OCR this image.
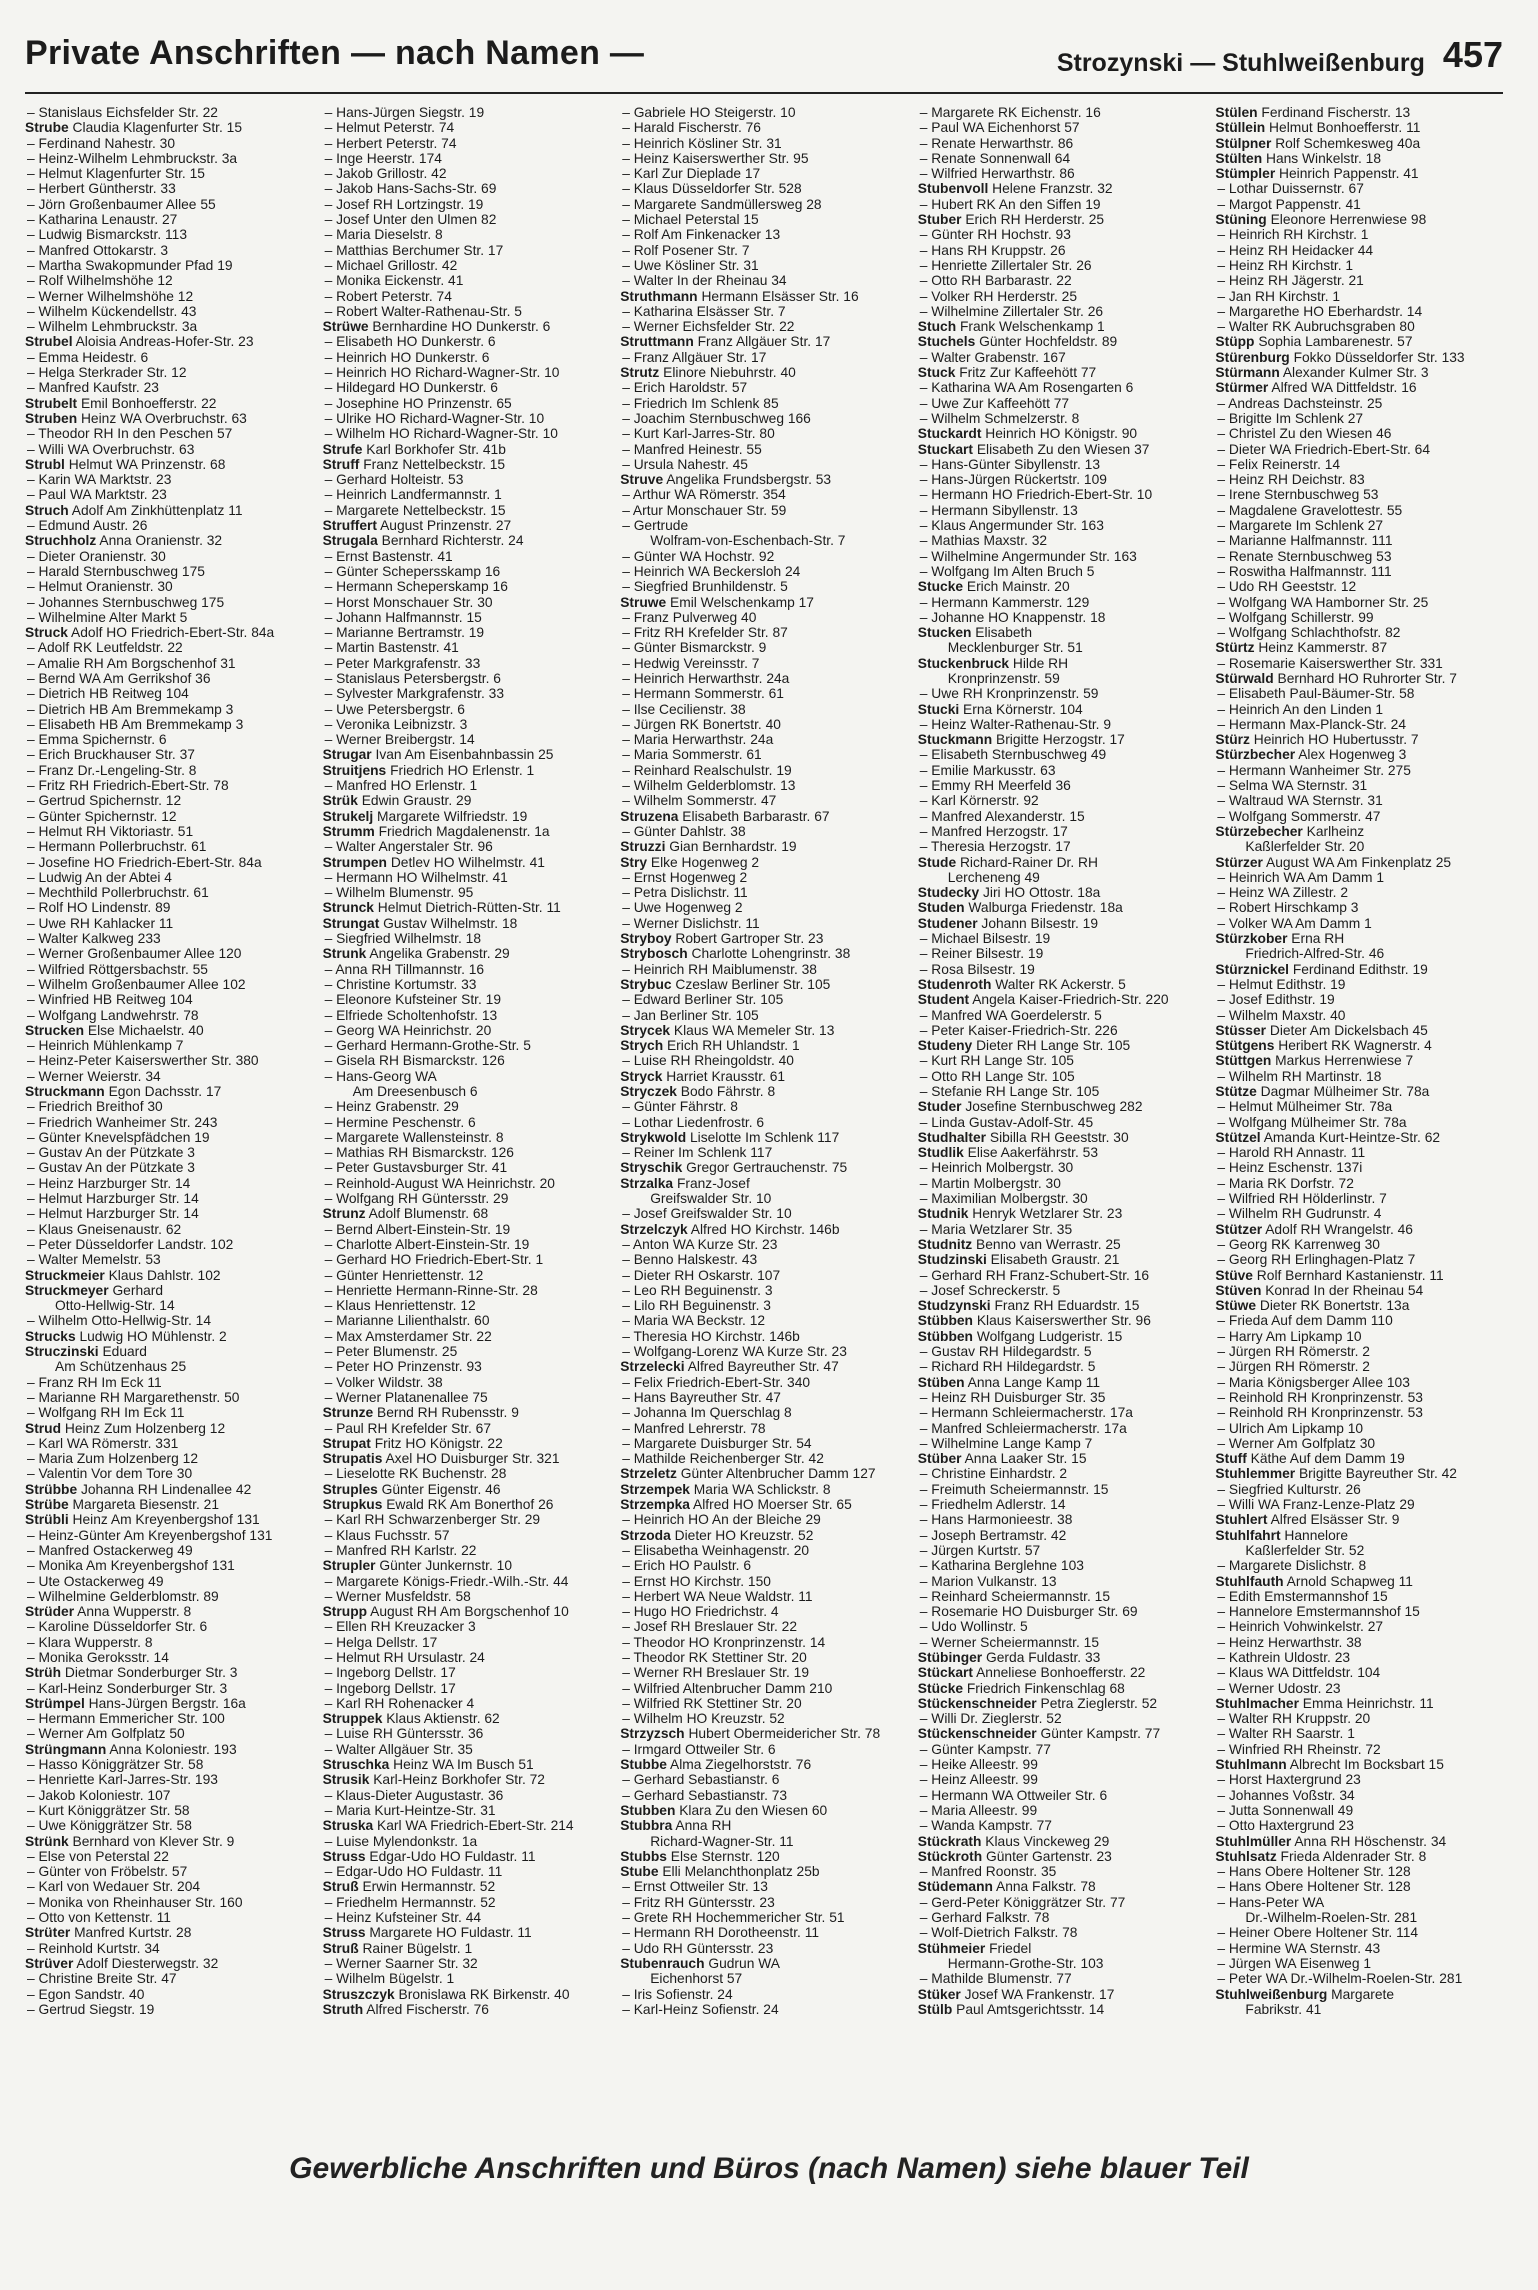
Private Anschriften — nach Namen —	Strozynski — Stuhlweißenburg 457
– Stanislaus Eichsfelder Str. 22
Strube Claudia Klagenfurter Str. 15
– Ferdinand Nahestr. 30
– Heinz-Wilhelm Lehmbruckstr. 3a
– Helmut Klagenfurter Str. 15
– Herbert Güntherstr. 33
– Jörn Großenbaumer Allee 55
– Katharina Lenaustr. 27
– Ludwig Bismarckstr. 113
– Manfred Ottokarstr. 3
– Martha Swakopmunder Pfad 19
– Rolf Wilhelmshöhe 12
– Werner Wilhelmshöhe 12
– Wilhelm Kückendellstr. 43
– Wilhelm Lehmbruckstr. 3a
Strubel Aloisia Andreas-Hofer-Str. 23
– Emma Heidestr. 6
– Helga Sterkrader Str. 12
– Manfred Kaufstr. 23
Strubelt Emil Bonhoefferstr. 22
Struben Heinz WA Overbruchstr. 63
– Theodor RH In den Peschen 57
– Willi WA Overbruchstr. 63
Strubl Helmut WA Prinzenstr. 68
– Karin WA Marktstr. 23
– Paul WA Marktstr. 23
Struch Adolf Am Zinkhüttenplatz 11
– Edmund Austr. 26
Struchholz Anna Oranienstr. 32
– Dieter Oranienstr. 30
– Harald Sternbuschweg 175
– Helmut Oranienstr. 30
– Johannes Sternbuschweg 175
– Wilhelmine Alter Markt 5
Struck Adolf HO Friedrich-Ebert-Str. 84a
– Adolf RK Leutfeldstr. 22
– Amalie RH Am Borgschenhof 31
– Bernd WA Am Gerrikshof 36
– Dietrich HB Reitweg 104
– Dietrich HB Am Bremmekamp 3
– Elisabeth HB Am Bremmekamp 3
– Emma Spichernstr. 6
– Erich Bruckhauser Str. 37
– Franz Dr.-Lengeling-Str. 8
– Fritz RH Friedrich-Ebert-Str. 78
– Gertrud Spichernstr. 12
– Günter Spichernstr. 12
– Helmut RH Viktoriastr. 51
– Hermann Pollerbruchstr. 61
– Josefine HO Friedrich-Ebert-Str. 84a
– Ludwig An der Abtei 4
– Mechthild Pollerbruchstr. 61
– Rolf HO Lindenstr. 89
– Uwe RH Kahlacker 11
– Walter Kalkweg 233
– Werner Großenbaumer Allee 120
– Wilfried Röttgersbachstr. 55
– Wilhelm Großenbaumer Allee 102
– Winfried HB Reitweg 104
– Wolfgang Landwehrstr. 78
Strucken Else Michaelstr. 40
– Heinrich Mühlenkamp 7
– Heinz-Peter Kaiserswerther Str. 380
– Werner Weierstr. 34
Struckmann Egon Dachsstr. 17
– Friedrich Breithof 30
– Friedrich Wanheimer Str. 243
– Günter Knevelspfädchen 19
– Gustav An der Pützkate 3
– Gustav An der Pützkate 3
– Heinz Harzburger Str. 14
– Helmut Harzburger Str. 14
– Helmut Harzburger Str. 14
– Klaus Gneisenaustr. 62
– Peter Düsseldorfer Landstr. 102
– Walter Memelstr. 53
Struckmeier Klaus Dahlstr. 102
Struckmeyer Gerhard
Otto-Hellwig-Str. 14
– Wilhelm Otto-Hellwig-Str. 14
Strucks Ludwig HO Mühlenstr. 2
Struczinski Eduard
Am Schützenhaus 25
– Franz RH Im Eck 11
– Marianne RH Margarethenstr. 50
– Wolfgang RH Im Eck 11
Strud Heinz Zum Holzenberg 12
– Karl WA Römerstr. 331
– Maria Zum Holzenberg 12
– Valentin Vor dem Tore 30
Strübbe Johanna RH Lindenallee 42
Strübe Margareta Biesenstr. 21
Strübli Heinz Am Kreyenbergshof 131
– Heinz-Günter Am Kreyenbergshof 131
– Manfred Ostackerweg 49
– Monika Am Kreyenbergshof 131
– Ute Ostackerweg 49
– Wilhelmine Gelderblomstr. 89
Strüder Anna Wupperstr. 8
– Karoline Düsseldorfer Str. 6
– Klara Wupperstr. 8
– Monika Geroksstr. 14
Strüh Dietmar Sonderburger Str. 3
– Karl-Heinz Sonderburger Str. 3
Strümpel Hans-Jürgen Bergstr. 16a
– Hermann Emmericher Str. 100
– Werner Am Golfplatz 50
Strüngmann Anna Koloniestr. 193
– Hasso Königgrätzer Str. 58
– Henriette Karl-Jarres-Str. 193
– Jakob Koloniestr. 107
– Kurt Königgrätzer Str. 58
– Uwe Königgrätzer Str. 58
Strünk Bernhard von Klever Str. 9
– Else von Peterstal 22
– Günter von Fröbelstr. 57
– Karl von Wedauer Str. 204
– Monika von Rheinhauser Str. 160
– Otto von Kettenstr. 11
Strüter Manfred Kurtstr. 28
– Reinhold Kurtstr. 34
Strüver Adolf Diesterwegstr. 32
– Christine Breite Str. 47
– Egon Sandstr. 40
– Gertrud Siegstr. 19
– Hans-Jürgen Siegstr. 19
– Helmut Peterstr. 74
– Herbert Peterstr. 74
– Inge Heerstr. 174
– Jakob Grillostr. 42
– Jakob Hans-Sachs-Str. 69
– Josef RH Lortzingstr. 19
– Josef Unter den Ulmen 82
– Maria Dieselstr. 8
– Matthias Berchumer Str. 17
– Michael Grillostr. 42
– Monika Eickenstr. 41
– Robert Peterstr. 74
– Robert Walter-Rathenau-Str. 5
Strüwe Bernhardine HO Dunkerstr. 6
– Elisabeth HO Dunkerstr. 6
– Heinrich HO Dunkerstr. 6
– Heinrich HO Richard-Wagner-Str. 10
– Hildegard HO Dunkerstr. 6
– Josephine HO Prinzenstr. 65
– Ulrike HO Richard-Wagner-Str. 10
– Wilhelm HO Richard-Wagner-Str. 10
Strufe Karl Borkhofer Str. 41b
Struff Franz Nettelbeckstr. 15
– Gerhard Holteistr. 53
– Heinrich Landfermannstr. 1
– Margarete Nettelbeckstr. 15
Struffert August Prinzenstr. 27
Strugala Bernhard Richterstr. 24
– Ernst Bastenstr. 41
– Günter Schepersskamp 16
– Hermann Scheperskamp 16
– Horst Monschauer Str. 30
– Johann Halfmannstr. 15
– Marianne Bertramstr. 19
– Martin Bastenstr. 41
– Peter Markgrafenstr. 33
– Stanislaus Petersbergstr. 6
– Sylvester Markgrafenstr. 33
– Uwe Petersbergstr. 6
– Veronika Leibnizstr. 3
– Werner Breibergstr. 14
Strugar Ivan Am Eisenbahnbassin 25
Struitjens Friedrich HO Erlenstr. 1
– Manfred HO Erlenstr. 1
Strük Edwin Graustr. 29
Strukelj Margarete Wilfriedstr. 19
Strumm Friedrich Magdalenenstr. 1a
– Walter Angerstaler Str. 96
Strumpen Detlev HO Wilhelmstr. 41
– Hermann HO Wilhelmstr. 41
– Wilhelm Blumenstr. 95
Strunck Helmut Dietrich-Rütten-Str. 11
Strungat Gustav Wilhelmstr. 18
– Siegfried Wilhelmstr. 18
Strunk Angelika Grabenstr. 29
– Anna RH Tillmannstr. 16
– Christine Kortumstr. 33
– Eleonore Kufsteiner Str. 19
– Elfriede Scholtenhofstr. 13
– Georg WA Heinrichstr. 20
– Gerhard Hermann-Grothe-Str. 5
– Gisela RH Bismarckstr. 126
– Hans-Georg WA
Am Dreesenbusch 6
– Heinz Grabenstr. 29
– Hermine Peschenstr. 6
– Margarete Wallensteinstr. 8
– Mathias RH Bismarckstr. 126
– Peter Gustavsburger Str. 41
– Reinhold-August WA Heinrichstr. 20
– Wolfgang RH Güntersstr. 29
Strunz Adolf Blumenstr. 68
– Bernd Albert-Einstein-Str. 19
– Charlotte Albert-Einstein-Str. 19
– Gerhard HO Friedrich-Ebert-Str. 1
– Günter Henriettenstr. 12
– Henriette Hermann-Rinne-Str. 28
– Klaus Henriettenstr. 12
– Marianne Lilienthalstr. 60
– Max Amsterdamer Str. 22
– Peter Blumenstr. 25
– Peter HO Prinzenstr. 93
– Volker Wildstr. 38
– Werner Platanenallee 75
Strunze Bernd RH Rubensstr. 9
– Paul RH Krefelder Str. 67
Strupat Fritz HO Königstr. 22
Strupatis Axel HO Duisburger Str. 321
– Lieselotte RK Buchenstr. 28
Struples Günter Eigenstr. 46
Strupkus Ewald RK Am Bonerthof 26
– Karl RH Schwarzenberger Str. 29
– Klaus Fuchsstr. 57
– Manfred RH Karlstr. 22
Strupler Günter Junkernstr. 10
– Margarete Königs-Friedr.-Wilh.-Str. 44
– Werner Musfeldstr. 58
Strupp August RH Am Borgschenhof 10
– Ellen RH Kreuzacker 3
– Helga Dellstr. 17
– Helmut RH Ursulastr. 24
– Ingeborg Dellstr. 17
– Ingeborg Dellstr. 17
– Karl RH Rohenacker 4
Struppek Klaus Aktienstr. 62
– Luise RH Güntersstr. 36
– Walter Allgäuer Str. 35
Struschka Heinz WA Im Busch 51
Strusik Karl-Heinz Borkhofer Str. 72
– Klaus-Dieter Augustastr. 36
– Maria Kurt-Heintze-Str. 31
Struska Karl WA Friedrich-Ebert-Str. 214
– Luise Mylendonkstr. 1a
Struss Edgar-Udo HO Fuldastr. 11
– Edgar-Udo HO Fuldastr. 11
Struß Erwin Hermannstr. 52
– Friedhelm Hermannstr. 52
– Heinz Kufsteiner Str. 44
Struss Margarete HO Fuldastr. 11
Struß Rainer Bügelstr. 1
– Werner Saarner Str. 32
– Wilhelm Bügelstr. 1
Struszczyk Bronislawa RK Birkenstr. 40
Struth Alfred Fischerstr. 76
– Gabriele HO Steigerstr. 10
– Harald Fischerstr. 76
– Heinrich Kösliner Str. 31
– Heinz Kaiserswerther Str. 95
– Karl Zur Dieplade 17
– Klaus Düsseldorfer Str. 528
– Margarete Sandmüllersweg 28
– Michael Peterstal 15
– Rolf Am Finkenacker 13
– Rolf Posener Str. 7
– Uwe Kösliner Str. 31
– Walter In der Rheinau 34
Struthmann Hermann Elsässer Str. 16
– Katharina Elsässer Str. 7
– Werner Eichsfelder Str. 22
Struttmann Franz Allgäuer Str. 17
– Franz Allgäuer Str. 17
Strutz Elinore Niebuhrstr. 40
– Erich Haroldstr. 57
– Friedrich Im Schlenk 85
– Joachim Sternbuschweg 166
– Kurt Karl-Jarres-Str. 80
– Manfred Heinestr. 55
– Ursula Nahestr. 45
Struve Angelika Frundsbergstr. 53
– Arthur WA Römerstr. 354
– Artur Monschauer Str. 59
– Gertrude
Wolfram-von-Eschenbach-Str. 7
– Günter WA Hochstr. 92
– Heinrich WA Beckersloh 24
– Siegfried Brunhildenstr. 5
Struwe Emil Welschenkamp 17
– Franz Pulverweg 40
– Fritz RH Krefelder Str. 87
– Günter Bismarckstr. 9
– Hedwig Vereinsstr. 7
– Heinrich Herwarthstr. 24a
– Hermann Sommerstr. 61
– Ilse Cecilienstr. 38
– Jürgen RK Bonertstr. 40
– Maria Herwarthstr. 24a
– Maria Sommerstr. 61
– Reinhard Realschulstr. 19
– Wilhelm Gelderblomstr. 13
– Wilhelm Sommerstr. 47
Struzena Elisabeth Barbarastr. 67
– Günter Dahlstr. 38
Struzzi Gian Bernhardstr. 19
Stry Elke Hogenweg 2
– Ernst Hogenweg 2
– Petra Dislichstr. 11
– Uwe Hogenweg 2
– Werner Dislichstr. 11
Stryboy Robert Gartroper Str. 23
Strybosch Charlotte Lohengrinstr. 38
– Heinrich RH Maiblumenstr. 38
Strybuc Czeslaw Berliner Str. 105
– Edward Berliner Str. 105
– Jan Berliner Str. 105
Strycek Klaus WA Memeler Str. 13
Strych Erich RH Uhlandstr. 1
– Luise RH Rheingoldstr. 40
Stryck Harriet Krausstr. 61
Stryczek Bodo Fährstr. 8
– Günter Fährstr. 8
– Lothar Liedenfrostr. 6
Strykwold Liselotte Im Schlenk 117
– Reiner Im Schlenk 117
Stryschik Gregor Gertrauchenstr. 75
Strzalka Franz-Josef
Greifswalder Str. 10
– Josef Greifswalder Str. 10
Strzelczyk Alfred HO Kirchstr. 146b
– Anton WA Kurze Str. 23
– Benno Halskestr. 43
– Dieter RH Oskarstr. 107
– Leo RH Beguinenstr. 3
– Lilo RH Beguinenstr. 3
– Maria WA Beckstr. 12
– Theresia HO Kirchstr. 146b
– Wolfgang-Lorenz WA Kurze Str. 23
Strzelecki Alfred Bayreuther Str. 47
– Felix Friedrich-Ebert-Str. 340
– Hans Bayreuther Str. 47
– Johanna Im Querschlag 8
– Manfred Lehrerstr. 78
– Margarete Duisburger Str. 54
– Mathilde Reichenberger Str. 42
Strzeletz Günter Altenbrucher Damm 127
Strzempek Maria WA Schlickstr. 8
Strzempka Alfred HO Moerser Str. 65
– Heinrich HO An der Bleiche 29
Strzoda Dieter HO Kreuzstr. 52
– Elisabetha Weinhagenstr. 20
– Erich HO Paulstr. 6
– Ernst HO Kirchstr. 150
– Herbert WA Neue Waldstr. 11
– Hugo HO Friedrichstr. 4
– Josef RH Breslauer Str. 22
– Theodor HO Kronprinzenstr. 14
– Theodor RK Stettiner Str. 20
– Werner RH Breslauer Str. 19
– Wilfried Altenbrucher Damm 210
– Wilfried RK Stettiner Str. 20
– Wilhelm HO Kreuzstr. 52
Strzyzsch Hubert Obermeidericher Str. 78
– Irmgard Ottweiler Str. 6
Stubbe Alma Ziegelhorststr. 76
– Gerhard Sebastianstr. 6
– Gerhard Sebastianstr. 73
Stubben Klara Zu den Wiesen 60
Stubbra Anna RH
Richard-Wagner-Str. 11
Stubbs Else Sternstr. 120
Stube Elli Melanchthonplatz 25b
– Ernst Ottweiler Str. 13
– Fritz RH Güntersstr. 23
– Grete RH Hochemmericher Str. 51
– Hermann RH Dorotheenstr. 11
– Udo RH Güntersstr. 23
Stubenrauch Gudrun WA
Eichenhorst 57
– Iris Sofienstr. 24
– Karl-Heinz Sofienstr. 24
– Margarete RK Eichenstr. 16
– Paul WA Eichenhorst 57
– Renate Herwarthstr. 86
– Renate Sonnenwall 64
– Wilfried Herwarthstr. 86
Stubenvoll Helene Franzstr. 32
– Hubert RK An den Siffen 19
Stuber Erich RH Herderstr. 25
– Günter RH Hochstr. 93
– Hans RH Kruppstr. 26
– Henriette Zillertaler Str. 26
– Otto RH Barbarastr. 22
– Volker RH Herderstr. 25
– Wilhelmine Zillertaler Str. 26
Stuch Frank Welschenkamp 1
Stuchels Günter Hochfeldstr. 89
– Walter Grabenstr. 167
Stuck Fritz Zur Kaffeehött 77
– Katharina WA Am Rosengarten 6
– Uwe Zur Kaffeehött 77
– Wilhelm Schmelzerstr. 8
Stuckardt Heinrich HO Königstr. 90
Stuckart Elisabeth Zu den Wiesen 37
– Hans-Günter Sibyllenstr. 13
– Hans-Jürgen Rückertstr. 109
– Hermann HO Friedrich-Ebert-Str. 10
– Hermann Sibyllenstr. 13
– Klaus Angermunder Str. 163
– Mathias Maxstr. 32
– Wilhelmine Angermunder Str. 163
– Wolfgang Im Alten Bruch 5
Stucke Erich Mainstr. 20
– Hermann Kammerstr. 129
– Johanne HO Knappenstr. 18
Stucken Elisabeth
Mecklenburger Str. 51
Stuckenbruck Hilde RH
Kronprinzenstr. 59
– Uwe RH Kronprinzenstr. 59
Stucki Erna Körnerstr. 104
– Heinz Walter-Rathenau-Str. 9
Stuckmann Brigitte Herzogstr. 17
– Elisabeth Sternbuschweg 49
– Emilie Markusstr. 63
– Emmy RH Meerfeld 36
– Karl Körnerstr. 92
– Manfred Alexanderstr. 15
– Manfred Herzogstr. 17
– Theresia Herzogstr. 17
Stude Richard-Rainer Dr. RH
Lercheneng 49
Studecky Jiri HO Ottostr. 18a
Studen Walburga Friedenstr. 18a
Studener Johann Bilsestr. 19
– Michael Bilsestr. 19
– Reiner Bilsestr. 19
– Rosa Bilsestr. 19
Studenroth Walter RK Ackerstr. 5
Student Angela Kaiser-Friedrich-Str. 220
– Manfred WA Goerdelerstr. 5
– Peter Kaiser-Friedrich-Str. 226
Studeny Dieter RH Lange Str. 105
– Kurt RH Lange Str. 105
– Otto RH Lange Str. 105
– Stefanie RH Lange Str. 105
Studer Josefine Sternbuschweg 282
– Linda Gustav-Adolf-Str. 45
Studhalter Sibilla RH Geeststr. 30
Studlik Elise Aakerfährstr. 53
– Heinrich Molbergstr. 30
– Martin Molbergstr. 30
– Maximilian Molbergstr. 30
Studnik Henryk Wetzlarer Str. 23
– Maria Wetzlarer Str. 35
Studnitz Benno van Werrastr. 25
Studzinski Elisabeth Graustr. 21
– Gerhard RH Franz-Schubert-Str. 16
– Josef Schreckerstr. 5
Studzynski Franz RH Eduardstr. 15
Stübben Klaus Kaiserswerther Str. 96
Stübben Wolfgang Ludgeristr. 15
– Gustav RH Hildegardstr. 5
– Richard RH Hildegardstr. 5
Stüben Anna Lange Kamp 11
– Heinz RH Duisburger Str. 35
– Hermann Schleiermacherstr. 17a
– Manfred Schleiermacherstr. 17a
– Wilhelmine Lange Kamp 7
Stüber Anna Laaker Str. 15
– Christine Einhardstr. 2
– Freimuth Scheiermannstr. 15
– Friedhelm Adlerstr. 14
– Hans Harmonieestr. 38
– Joseph Bertramstr. 42
– Jürgen Kurtstr. 57
– Katharina Berglehne 103
– Marion Vulkanstr. 13
– Reinhard Scheiermannstr. 15
– Rosemarie HO Duisburger Str. 69
– Udo Wollinstr. 5
– Werner Scheiermannstr. 15
Stübinger Gerda Fuldastr. 33
Stückart Anneliese Bonhoefferstr. 22
Stücke Friedrich Finkenschlag 68
Stückenschneider Petra Zieglerstr. 52
– Willi Dr. Zieglerstr. 52
Stückenschneider Günter Kampstr. 77
– Günter Kampstr. 77
– Heike Alleestr. 99
– Heinz Alleestr. 99
– Hermann WA Ottweiler Str. 6
– Maria Alleestr. 99
– Wanda Kampstr. 77
Stückrath Klaus Vinckeweg 29
Stückroth Günter Gartenstr. 23
– Manfred Roonstr. 35
Stüdemann Anna Falkstr. 78
– Gerd-Peter Königgrätzer Str. 77
– Gerhard Falkstr. 78
– Wolf-Dietrich Falkstr. 78
Stühmeier Friedel
Hermann-Grothe-Str. 103
– Mathilde Blumenstr. 77
Stüker Josef WA Frankenstr. 17
Stülb Paul Amtsgerichtsstr. 14
Stülen Ferdinand Fischerstr. 13
Stüllein Helmut Bonhoefferstr. 11
Stülpner Rolf Schemkesweg 40a
Stülten Hans Winkelstr. 18
Stümpler Heinrich Pappenstr. 41
– Lothar Duissernstr. 67
– Margot Pappenstr. 41
Stüning Eleonore Herrenwiese 98
– Heinrich RH Kirchstr. 1
– Heinz RH Heidacker 44
– Heinz RH Kirchstr. 1
– Heinz RH Jägerstr. 21
– Jan RH Kirchstr. 1
– Margarethe HO Eberhardstr. 14
– Walter RK Aubruchsgraben 80
Stüpp Sophia Lambarenestr. 57
Stürenburg Fokko Düsseldorfer Str. 133
Stürmann Alexander Kulmer Str. 3
Stürmer Alfred WA Dittfeldstr. 16
– Andreas Dachsteinstr. 25
– Brigitte Im Schlenk 27
– Christel Zu den Wiesen 46
– Dieter WA Friedrich-Ebert-Str. 64
– Felix Reinerstr. 14
– Heinz RH Deichstr. 83
– Irene Sternbuschweg 53
– Magdalene Gravelottestr. 55
– Margarete Im Schlenk 27
– Marianne Halfmannstr. 111
– Renate Sternbuschweg 53
– Roswitha Halfmannstr. 111
– Udo RH Geeststr. 12
– Wolfgang WA Hamborner Str. 25
– Wolfgang Schillerstr. 99
– Wolfgang Schlachthofstr. 82
Stürtz Heinz Kammerstr. 87
– Rosemarie Kaiserswerther Str. 331
Stürwald Bernhard HO Ruhrorter Str. 7
– Elisabeth Paul-Bäumer-Str. 58
– Heinrich An den Linden 1
– Hermann Max-Planck-Str. 24
Stürz Heinrich HO Hubertusstr. 7
Stürzbecher Alex Hogenweg 3
– Hermann Wanheimer Str. 275
– Selma WA Sternstr. 31
– Waltraud WA Sternstr. 31
– Wolfgang Sommerstr. 47
Stürzebecher Karlheinz
Kaßlerfelder Str. 20
Stürzer August WA Am Finkenplatz 25
– Heinrich WA Am Damm 1
– Heinz WA Zillestr. 2
– Robert Hirschkamp 3
– Volker WA Am Damm 1
Stürzkober Erna RH
Friedrich-Alfred-Str. 46
Stürznickel Ferdinand Edithstr. 19
– Helmut Edithstr. 19
– Josef Edithstr. 19
– Wilhelm Maxstr. 40
Stüsser Dieter Am Dickelsbach 45
Stütgens Heribert RK Wagnerstr. 4
Stüttgen Markus Herrenwiese 7
– Wilhelm RH Martinstr. 18
Stütze Dagmar Mülheimer Str. 78a
– Helmut Mülheimer Str. 78a
– Wolfgang Mülheimer Str. 78a
Stützel Amanda Kurt-Heintze-Str. 62
– Harold RH Annastr. 11
– Heinz Eschenstr. 137i
– Maria RK Dorfstr. 72
– Wilfried RH Hölderlinstr. 7
– Wilhelm RH Gudrunstr. 4
Stützer Adolf RH Wrangelstr. 46
– Georg RK Karrenweg 30
– Georg RH Erlinghagen-Platz 7
Stüve Rolf Bernhard Kastanienstr. 11
Stüven Konrad In der Rheinau 54
Stüwe Dieter RK Bonertstr. 13a
– Frieda Auf dem Damm 110
– Harry Am Lipkamp 10
– Jürgen RH Römerstr. 2
– Jürgen RH Römerstr. 2
– Maria Königsberger Allee 103
– Reinhold RH Kronprinzenstr. 53
– Reinhold RH Kronprinzenstr. 53
– Ulrich Am Lipkamp 10
– Werner Am Golfplatz 30
Stuff Käthe Auf dem Damm 19
Stuhlemmer Brigitte Bayreuther Str. 42
– Siegfried Kulturstr. 26
– Willi WA Franz-Lenze-Platz 29
Stuhlert Alfred Elsässer Str. 9
Stuhlfahrt Hannelore
Kaßlerfelder Str. 52
– Margarete Dislichstr. 8
Stuhlfauth Arnold Schapweg 11
– Edith Emstermannshof 15
– Hannelore Emstermannshof 15
– Heinrich Vohwinkelstr. 27
– Heinz Herwarthstr. 38
– Kathrein Uldostr. 23
– Klaus WA Dittfeldstr. 104
– Werner Udostr. 23
Stuhlmacher Emma Heinrichstr. 11
– Walter RH Kruppstr. 20
– Walter RH Saarstr. 1
– Winfried RH Rheinstr. 72
Stuhlmann Albrecht Im Bocksbart 15
– Horst Haxtergrund 23
– Johannes Voßstr. 34
– Jutta Sonnenwall 49
– Otto Haxtergrund 23
Stuhlmüller Anna RH Höschenstr. 34
Stuhlsatz Frieda Aldenrader Str. 8
– Hans Obere Holtener Str. 128
– Hans Obere Holtener Str. 128
– Hans-Peter WA
Dr.-Wilhelm-Roelen-Str. 281
– Heiner Obere Holtener Str. 114
– Hermine WA Sternstr. 43
– Jürgen WA Eisenweg 1
– Peter WA Dr.-Wilhelm-Roelen-Str. 281
Stuhlweißenburg Margarete
Fabrikstr. 41
Gewerbliche Anschriften und Büros (nach Namen) siehe blauer Teil
